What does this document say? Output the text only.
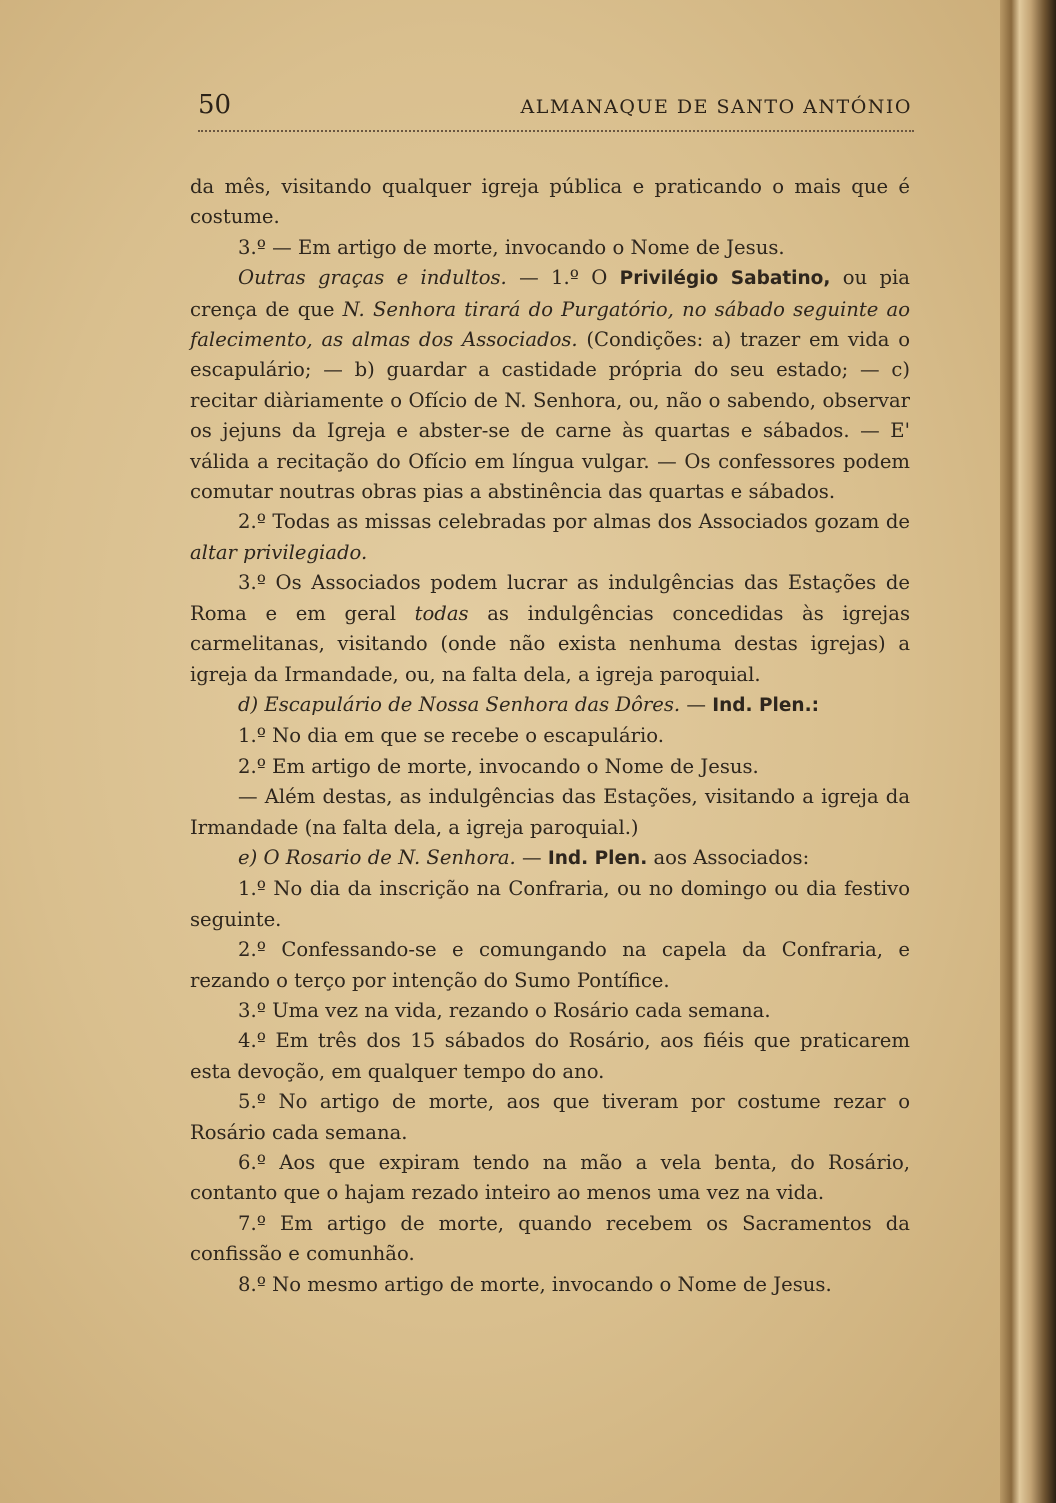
50	ALMANAQUE DE SANTO ANTÓNIO

da mês, visitando qualquer igreja pública e praticando o mais que é costume.

3.º — Em artigo de morte, invocando o Nome de Jesus.

Outras graças e indultos. — 1.º O Privilégio Sabatino, ou pia crença de que N. Senhora tirará do Purgatório, no sábado seguinte ao falecimento, as almas dos Associados. (Condições: a) trazer em vida o escapulário; — b) guardar a castidade própria do seu estado; — c) recitar diàriamente o Ofício de N. Senhora, ou, não o sabendo, observar os jejuns da Igreja e abster-se de carne às quartas e sábados. — E' válida a recitação do Ofício em língua vulgar. — Os confessores podem comutar noutras obras pias a abstinência das quartas e sábados.

2.º Todas as missas celebradas por almas dos Associados gozam de altar privilegiado.

3.º Os Associados podem lucrar as indulgências das Estações de Roma e em geral todas as indulgências concedidas às igrejas carmelitanas, visitando (onde não exista nenhuma destas igrejas) a igreja da Irmandade, ou, na falta dela, a igreja paroquial.

d) Escapulário de Nossa Senhora das Dôres. — Ind. Plen.:

1.º No dia em que se recebe o escapulário.

2.º Em artigo de morte, invocando o Nome de Jesus.

— Além destas, as indulgências das Estações, visitando a igreja da Irmandade (na falta dela, a igreja paroquial.)

e) O Rosario de N. Senhora. — Ind. Plen. aos Associados:

1.º No dia da inscrição na Confraria, ou no domingo ou dia festivo seguinte.

2.º Confessando-se e comungando na capela da Confraria, e rezando o terço por intenção do Sumo Pontífice.

3.º Uma vez na vida, rezando o Rosário cada semana.

4.º Em três dos 15 sábados do Rosário, aos fiéis que praticarem esta devoção, em qualquer tempo do ano.

5.º No artigo de morte, aos que tiveram por costume rezar o Rosário cada semana.

6.º Aos que expiram tendo na mão a vela benta, do Rosário, contanto que o hajam rezado inteiro ao menos uma vez na vida.

7.º Em artigo de morte, quando recebem os Sacramentos da confissão e comunhão.

8.º No mesmo artigo de morte, invocando o Nome de Jesus.
